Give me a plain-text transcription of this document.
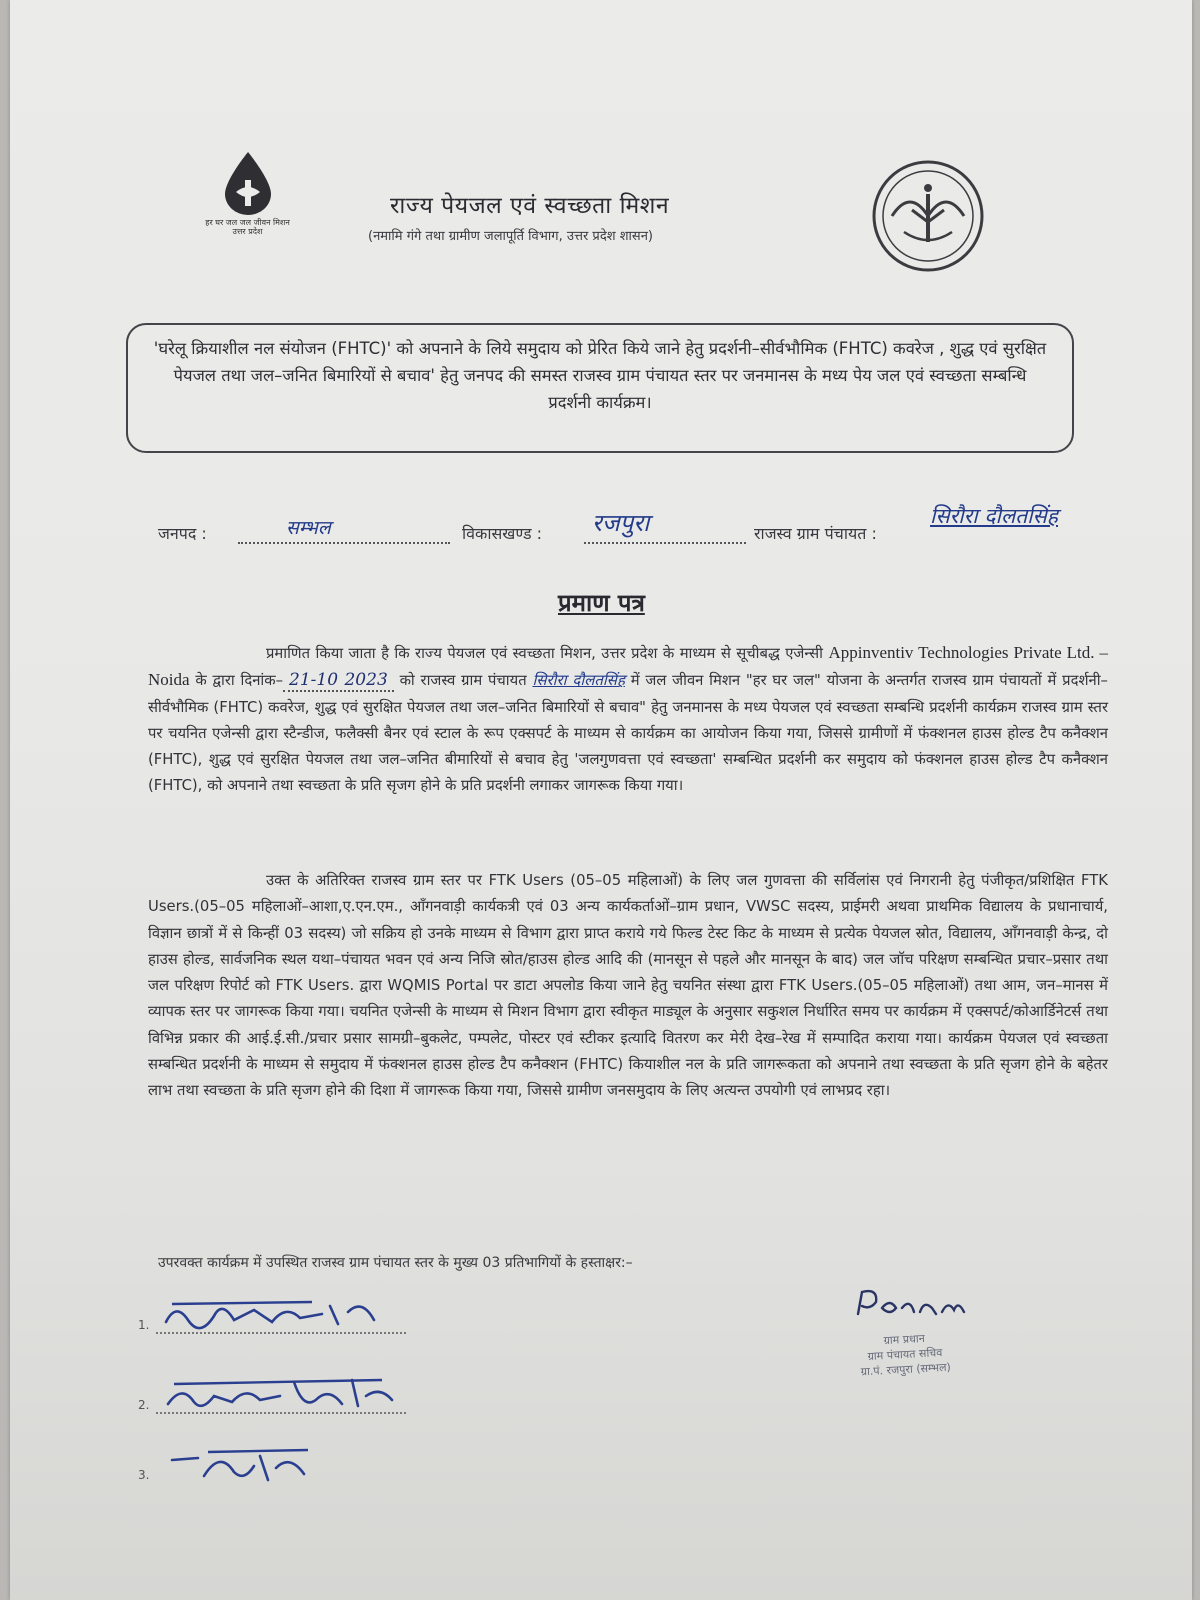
हर घर जल जल जीवन मिशन उत्तर प्रदेश
राज्य पेयजल एवं स्वच्छता मिशन
(नमामि गंगे तथा ग्रामीण जलापूर्ति विभाग, उत्तर प्रदेश शासन)
'घरेलू क्रियाशील नल संयोजन (FHTC)' को अपनाने के लिये समुदाय को प्रेरित किये जाने हेतु प्रदर्शनी–सीर्वभौमिक (FHTC) कवरेज , शुद्ध एवं सुरक्षित पेयजल तथा जल–जनित बिमारियों से बचाव' हेतु जनपद की समस्त राजस्व ग्राम पंचायत स्तर पर जनमानस के मध्य पेय जल एवं स्वच्छता सम्बन्धि प्रदर्शनी कार्यक्रम।
जनपद :	सम्भल	विकासखण्ड : रजपुरा	राजस्व ग्राम पंचायत :
सिरौरा दौलतसिंह
प्रमाण पत्र
प्रमाणित किया जाता है कि राज्य पेयजल एवं स्वच्छता मिशन, उत्तर प्रदेश के माध्यम से सूचीबद्ध एजेन्सी Appinventiv Technologies Private Ltd. – Noida के द्वारा दिनांक– 21-10 2023 को राजस्व ग्राम पंचायत सिरौरा दौलतसिंह में जल जीवन मिशन "हर घर जल" योजना के अन्तर्गत राजस्व ग्राम पंचायतों में प्रदर्शनी–सीर्वभौमिक (FHTC) कवरेज, शुद्ध एवं सुरक्षित पेयजल तथा जल–जनित बिमारियों से बचाव" हेतु जनमानस के मध्य पेयजल एवं स्वच्छता सम्बन्धि प्रदर्शनी कार्यक्रम राजस्व ग्राम स्तर पर चयनित एजेन्सी द्वारा स्टैन्डीज, फलैक्सी बैनर एवं स्टाल के रूप एक्सपर्ट के माध्यम से कार्यक्रम का आयोजन किया गया, जिससे ग्रामीणों में फंक्शनल हाउस होल्ड टैप कनैक्शन (FHTC), शुद्ध एवं सुरक्षित पेयजल तथा जल–जनित बीमारियों से बचाव हेतु 'जलगुणवत्ता एवं स्वच्छता' सम्बन्धित प्रदर्शनी कर समुदाय को फंक्शनल हाउस होल्ड टैप कनैक्शन (FHTC), को अपनाने तथा स्वच्छता के प्रति सृजग होने के प्रति प्रदर्शनी लगाकर जागरूक किया गया।
उक्त के अतिरिक्त राजस्व ग्राम स्तर पर FTK Users (05–05 महिलाओं) के लिए जल गुणवत्ता की सर्विलांस एवं निगरानी हेतु पंजीकृत/प्रशिक्षित FTK Users.(05–05 महिलाओं–आशा,ए.एन.एम., आँगनवाड़ी कार्यकत्री एवं 03 अन्य कार्यकर्ताओं–ग्राम प्रधान, VWSC सदस्य, प्राईमरी अथवा प्राथमिक विद्यालय के प्रधानाचार्य, विज्ञान छात्रों में से किन्हीं 03 सदस्य) जो सक्रिय हो उनके माध्यम से विभाग द्वारा प्राप्त कराये गये फिल्ड टेस्ट किट के माध्यम से प्रत्येक पेयजल स्रोत, विद्यालय, आँगनवाड़ी केन्द्र, दो हाउस होल्ड, सार्वजनिक स्थल यथा–पंचायत भवन एवं अन्य निजि स्रोत/हाउस होल्ड आदि की (मानसून से पहले और मानसून के बाद) जल जॉच परिक्षण सम्बन्धित प्रचार–प्रसार तथा जल परिक्षण रिपोर्ट को FTK Users. द्वारा WQMIS Portal पर डाटा अपलोड किया जाने हेतु चयनित संस्था द्वारा FTK Users.(05–05 महिलाओं) तथा आम, जन–मानस में व्यापक स्तर पर जागरूक किया गया। चयनित एजेन्सी के माध्यम से मिशन विभाग द्वारा स्वीकृत माड्यूल के अनुसार सकुशल निर्धारित समय पर कार्यक्रम में एक्सपर्ट/कोआर्डिनेटर्स तथा विभिन्न प्रकार की आई.ई.सी./प्रचार प्रसार सामग्री–बुकलेट, पम्पलेट, पोस्टर एवं स्टीकर इत्यादि वितरण कर मेरी देख–रेख में सम्पादित कराया गया। कार्यक्रम पेयजल एवं स्वच्छता सम्बन्धित प्रदर्शनी के माध्यम से समुदाय में फंक्शनल हाउस होल्ड टैप कनैक्शन (FHTC) कियाशील नल के प्रति जागरूकता को अपनाने तथा स्वच्छता के प्रति सृजग होने के बहेतर लाभ तथा स्वच्छता के प्रति सृजग होने की दिशा में जागरूक किया गया, जिससे ग्रामीण जनसमुदाय के लिए अत्यन्त उपयोगी एवं लाभप्रद रहा।
उपरवक्त कार्यक्रम में उपस्थित राजस्व ग्राम पंचायत स्तर के मुख्य 03 प्रतिभागियों के हस्ताक्षर:–
1.
2.
3.
ग्राम प्रधान
ग्राम पंचायत सचिव
ग्रा.पं. रजपुरा (सम्भल)
